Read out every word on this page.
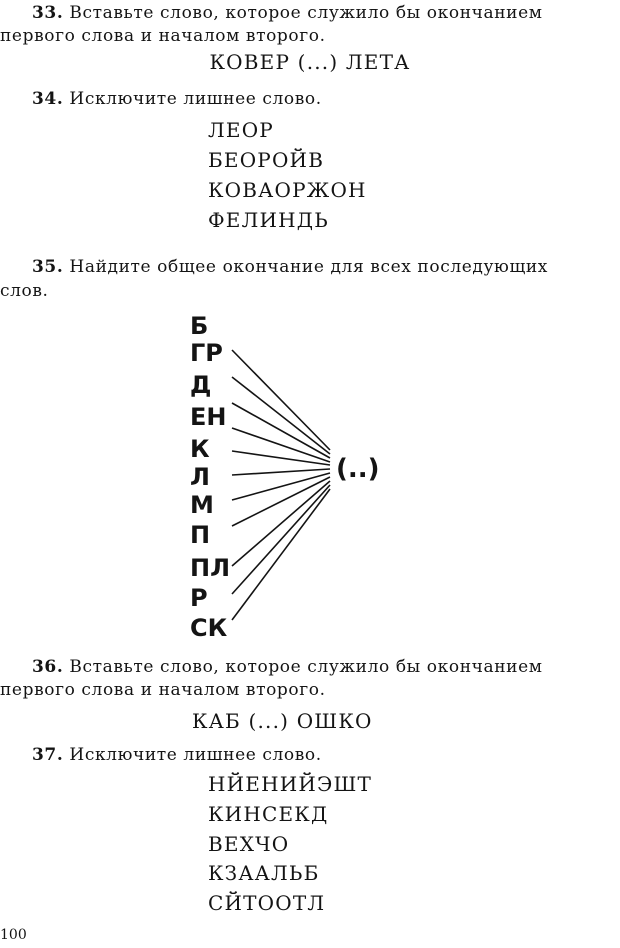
33. Вставьте слово, которое служило бы окончанием
первого слова и началом второго.
КОВЕР (...) ЛЕТА
34. Исключите лишнее слово.
ЛЕОР
БЕОРОЙВ
КОВАОРЖОН
ФЕЛИНДЬ
35. Найдите общее окончание для всех последующих
слов.
Б
ГР
Д
ЕН
К
Л
М
П
ПЛ
Р
СК
(..)
36. Вставьте слово, которое служило бы окончанием
первого слова и началом второго.
КАБ (...) ОШКО
37. Исключите лишнее слово.
НЙЕНИЙЭШТ
КИНСЕКД
ВЕХЧО
КЗААЛЬБ
СЙТООТЛ
100
